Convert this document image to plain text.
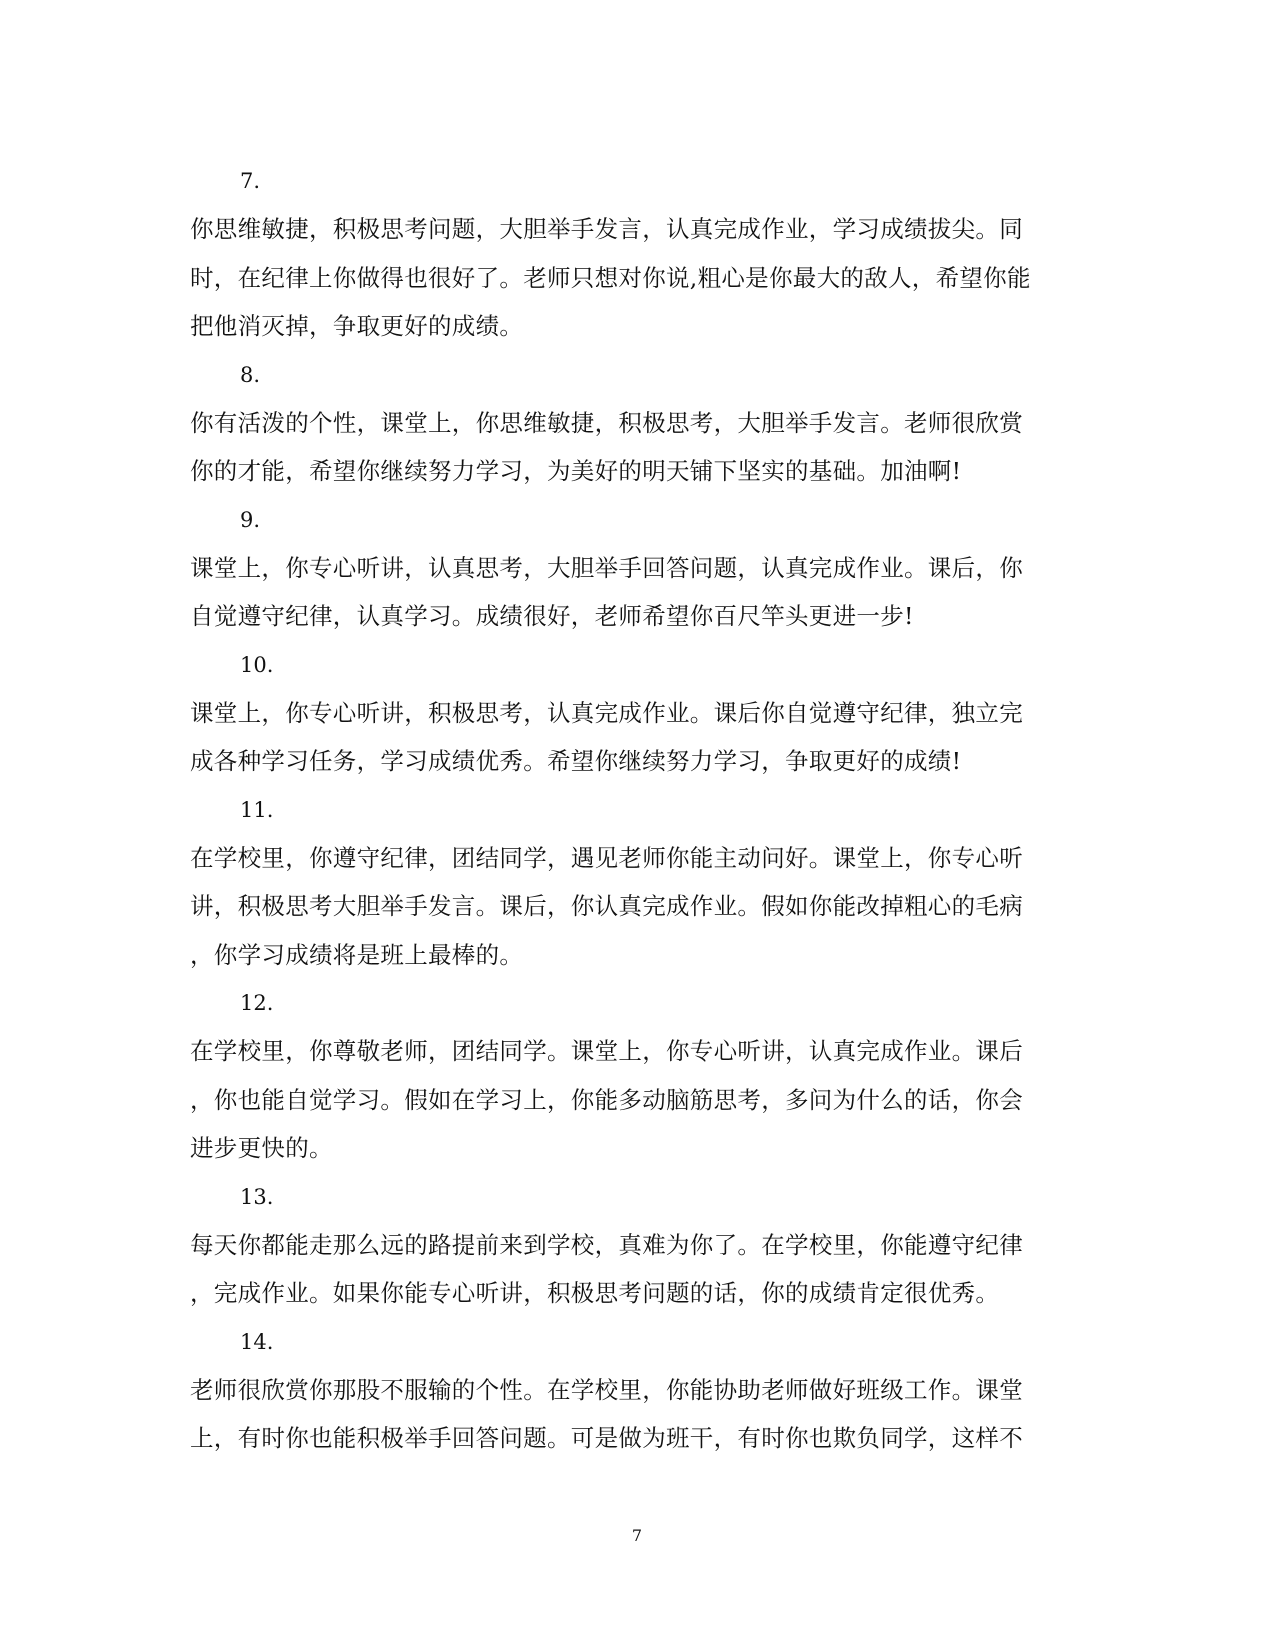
7.
你思维敏捷，积极思考问题，大胆举手发言，认真完成作业，学习成绩拔尖。同
时，在纪律上你做得也很好了。老师只想对你说,粗心是你最大的敌人，希望你能
把他消灭掉，争取更好的成绩。
8.
你有活泼的个性，课堂上，你思维敏捷，积极思考，大胆举手发言。老师很欣赏
你的才能，希望你继续努力学习，为美好的明天铺下坚实的基础。加油啊!
9.
课堂上，你专心听讲，认真思考，大胆举手回答问题，认真完成作业。课后，你
自觉遵守纪律，认真学习。成绩很好，老师希望你百尺竿头更进一步!
10.
课堂上，你专心听讲，积极思考，认真完成作业。课后你自觉遵守纪律，独立完
成各种学习任务，学习成绩优秀。希望你继续努力学习，争取更好的成绩!
11.
在学校里，你遵守纪律，团结同学，遇见老师你能主动问好。课堂上，你专心听
讲，积极思考大胆举手发言。课后，你认真完成作业。假如你能改掉粗心的毛病
，你学习成绩将是班上最棒的。
12.
在学校里，你尊敬老师，团结同学。课堂上，你专心听讲，认真完成作业。课后
，你也能自觉学习。假如在学习上，你能多动脑筋思考，多问为什么的话，你会
进步更快的。
13.
每天你都能走那么远的路提前来到学校，真难为你了。在学校里，你能遵守纪律
，完成作业。如果你能专心听讲，积极思考问题的话，你的成绩肯定很优秀。
14.
老师很欣赏你那股不服输的个性。在学校里，你能协助老师做好班级工作。课堂
上，有时你也能积极举手回答问题。可是做为班干，有时你也欺负同学，这样不
7
